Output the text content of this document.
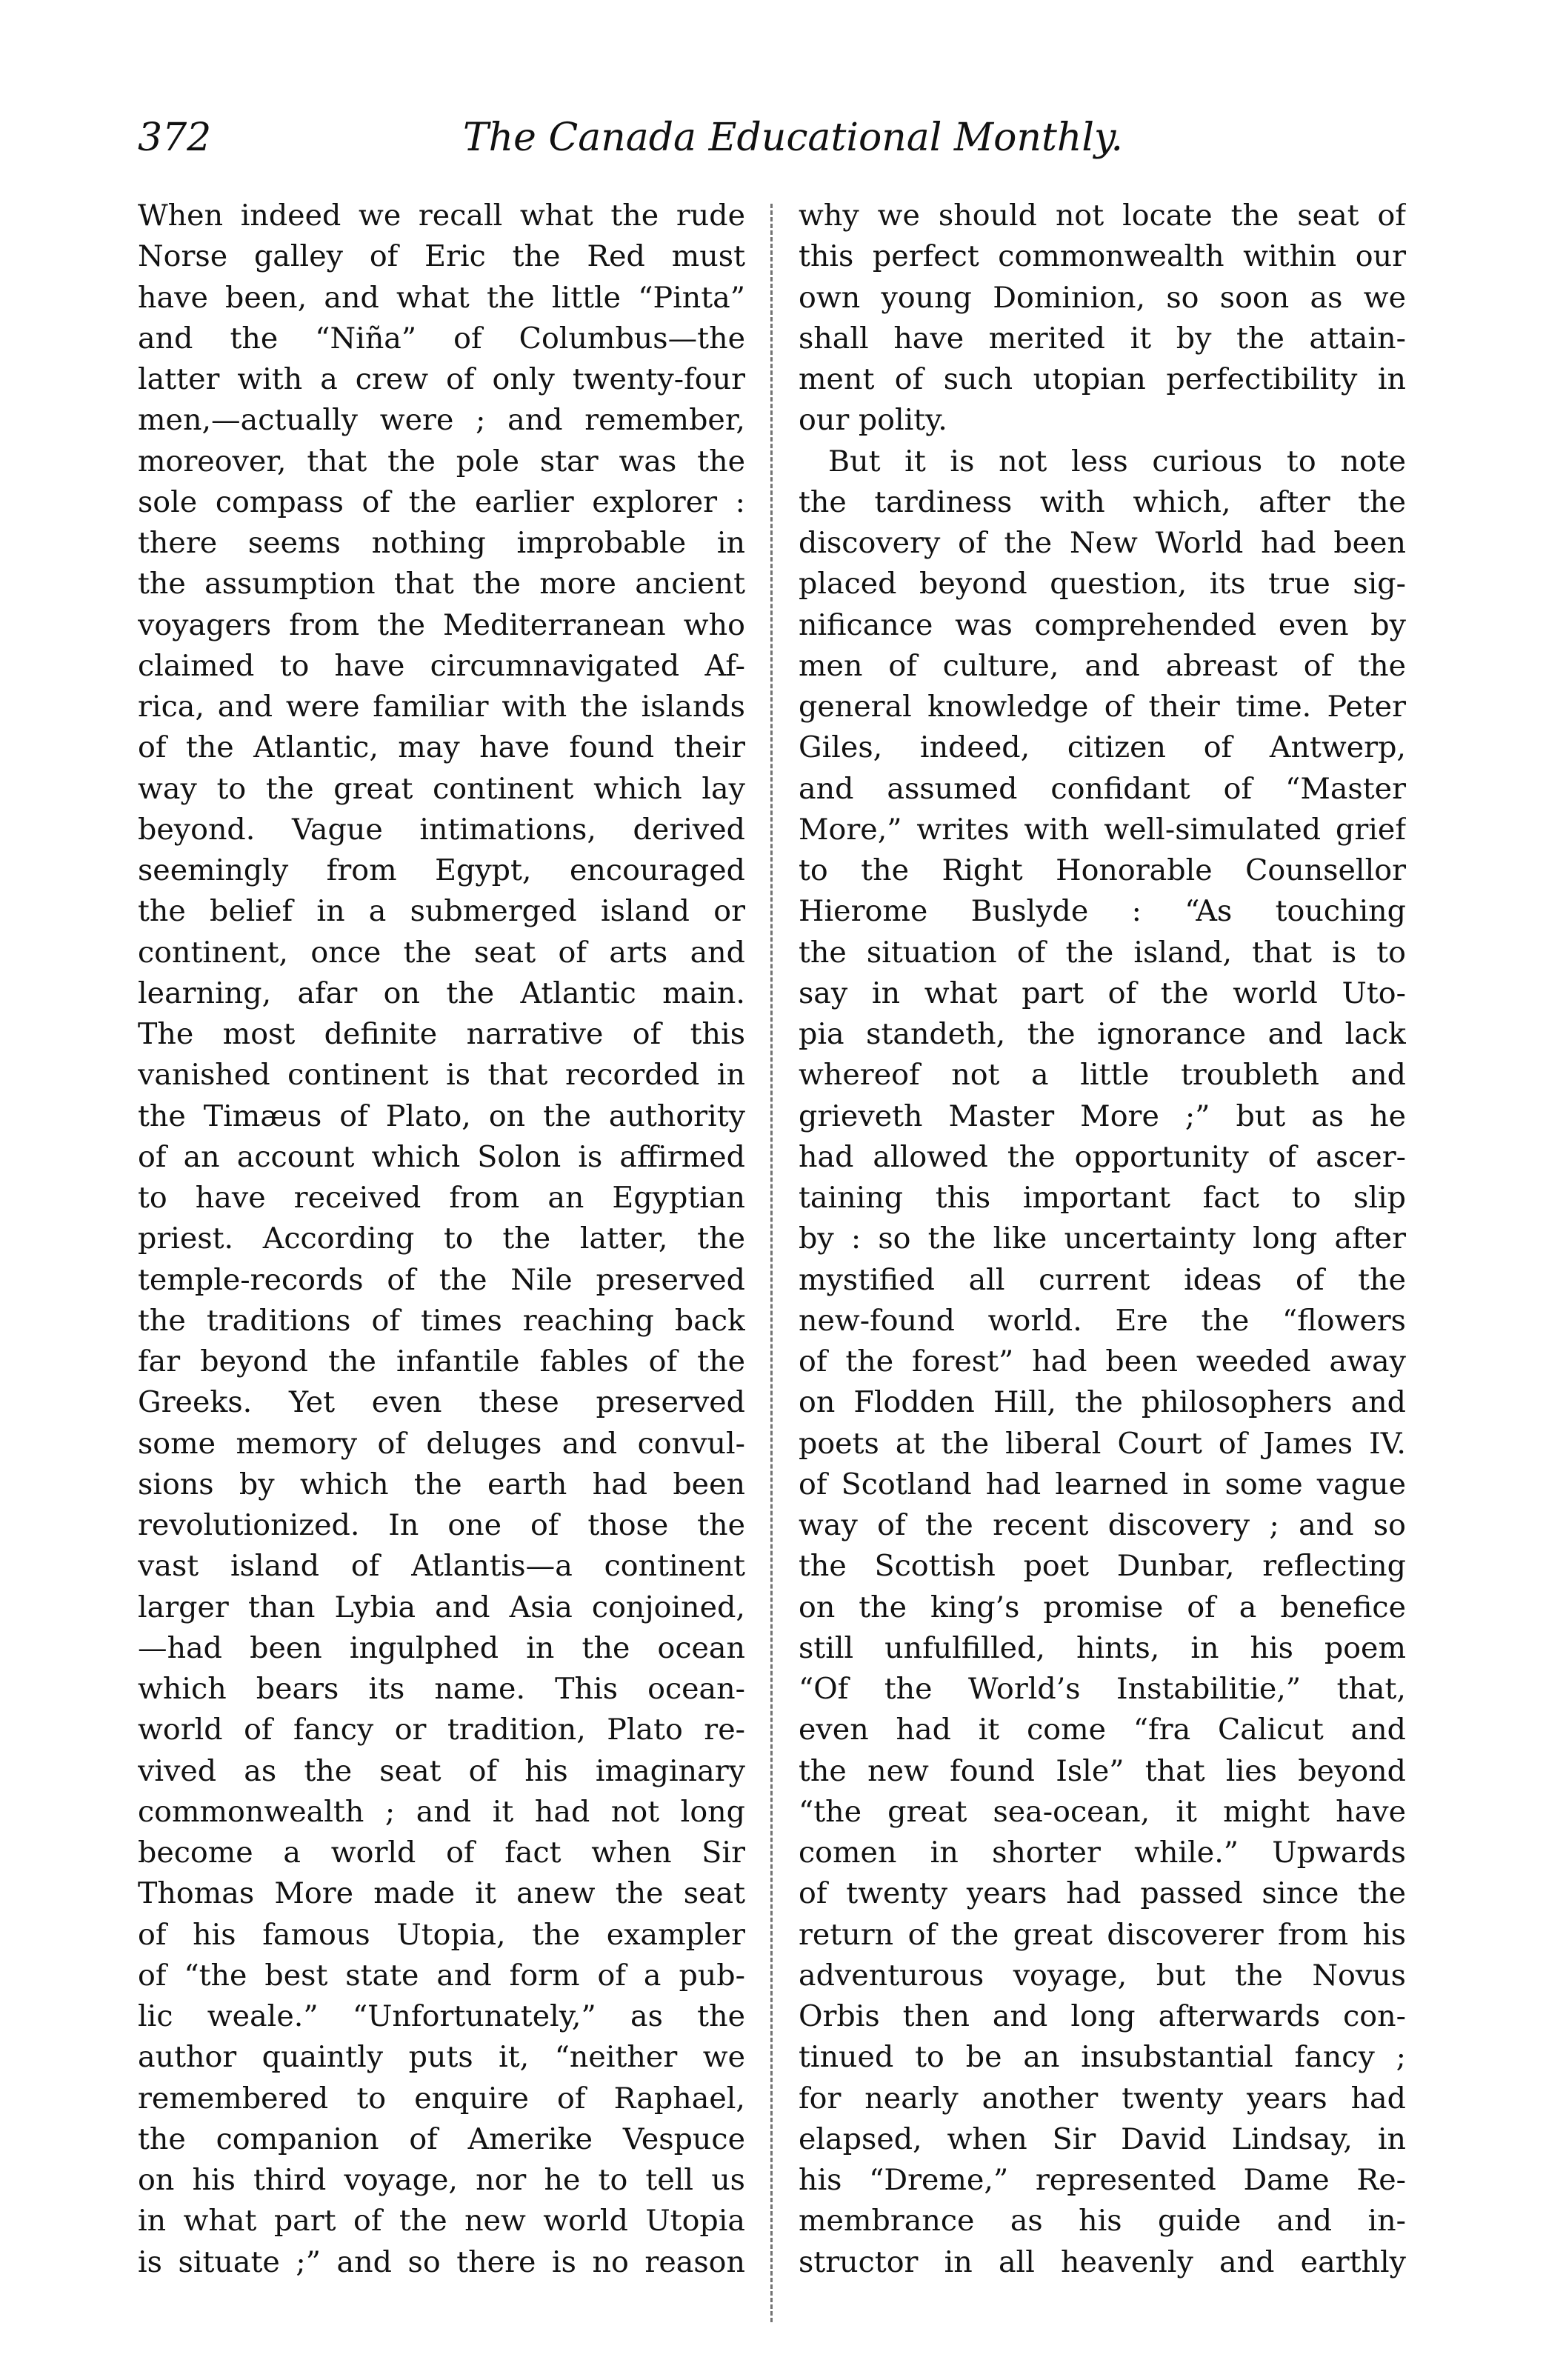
372	The Canada Educational Monthly.
When indeed we recall what the rude
Norse galley of Eric the Red must
have been, and what the little “Pinta”
and the “Niña” of Columbus—the
latter with a crew of only twenty-four
men,—actually were ; and remember,
moreover, that the pole star was the
sole compass of the earlier explorer :
there seems nothing improbable in
the assumption that the more ancient
voyagers from the Mediterranean who
claimed to have circumnavigated Af-
rica, and were familiar with the islands
of the Atlantic, may have found their
way to the great continent which lay
beyond. Vague intimations, derived
seemingly from Egypt, encouraged
the belief in a submerged island or
continent, once the seat of arts and
learning, afar on the Atlantic main.
The most definite narrative of this
vanished continent is that recorded in
the Timæus of Plato, on the authority
of an account which Solon is affirmed
to have received from an Egyptian
priest. According to the latter, the
temple-records of the Nile preserved
the traditions of times reaching back
far beyond the infantile fables of the
Greeks. Yet even these preserved
some memory of deluges and convul-
sions by which the earth had been
revolutionized. In one of those the
vast island of Atlantis—a continent
larger than Lybia and Asia conjoined,
—had been ingulphed in the ocean
which bears its name. This ocean-
world of fancy or tradition, Plato re-
vived as the seat of his imaginary
commonwealth ; and it had not long
become a world of fact when Sir
Thomas More made it anew the seat
of his famous Utopia, the exampler
of “the best state and form of a pub-
lic weale.” “Unfortunately,” as the
author quaintly puts it, “neither we
remembered to enquire of Raphael,
the companion of Amerike Vespuce
on his third voyage, nor he to tell us
in what part of the new world Utopia
is situate ;” and so there is no reason
why we should not locate the seat of
this perfect commonwealth within our
own young Dominion, so soon as we
shall have merited it by the attain-
ment of such utopian perfectibility in
our polity.
But it is not less curious to note
the tardiness with which, after the
discovery of the New World had been
placed beyond question, its true sig-
nificance was comprehended even by
men of culture, and abreast of the
general knowledge of their time. Peter
Giles, indeed, citizen of Antwerp,
and assumed confidant of “Master
More,” writes with well-simulated grief
to the Right Honorable Counsellor
Hierome Buslyde : “As touching
the situation of the island, that is to
say in what part of the world Uto-
pia standeth, the ignorance and lack
whereof not a little troubleth and
grieveth Master More ;” but as he
had allowed the opportunity of ascer-
taining this important fact to slip
by : so the like uncertainty long after
mystified all current ideas of the
new-found world. Ere the “flowers
of the forest” had been weeded away
on Flodden Hill, the philosophers and
poets at the liberal Court of James IV.
of Scotland had learned in some vague
way of the recent discovery ; and so
the Scottish poet Dunbar, reflecting
on the king’s promise of a benefice
still unfulfilled, hints, in his poem
“Of the World’s Instabilitie,” that,
even had it come “fra Calicut and
the new found Isle” that lies beyond
“the great sea-ocean, it might have
comen in shorter while.” Upwards
of twenty years had passed since the
return of the great discoverer from his
adventurous voyage, but the Novus
Orbis then and long afterwards con-
tinued to be an insubstantial fancy ;
for nearly another twenty years had
elapsed, when Sir David Lindsay, in
his “Dreme,” represented Dame Re-
membrance as his guide and in-
structor in all heavenly and earthly
